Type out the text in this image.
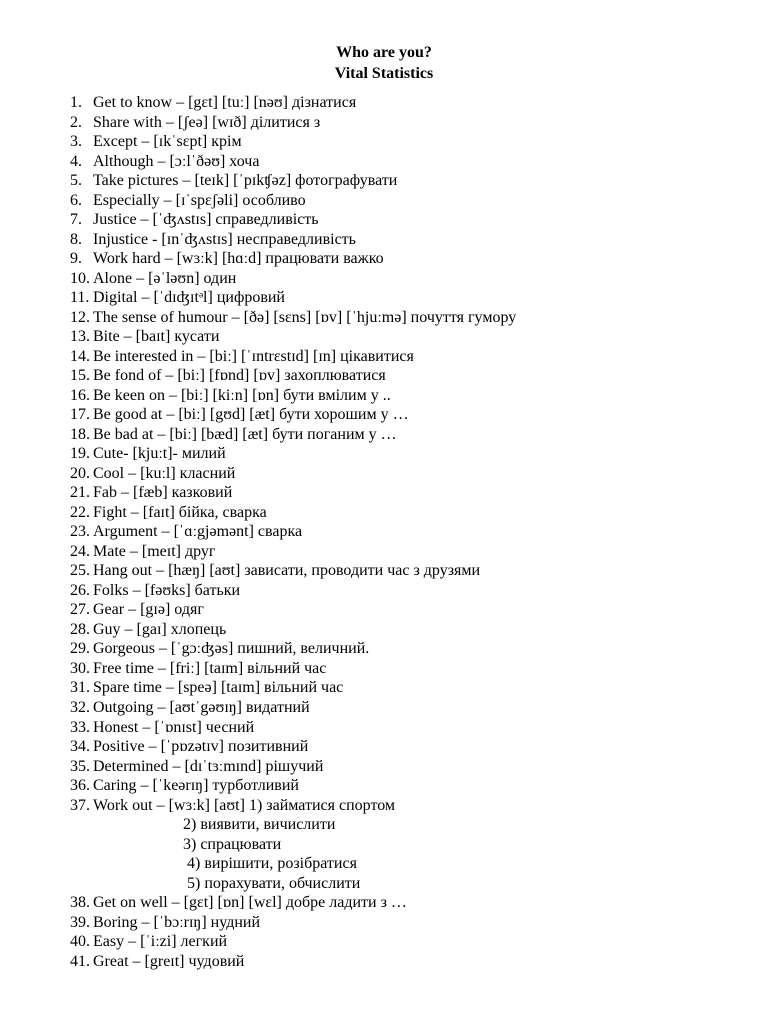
Who are you?
Vital Statistics
1. Get to know – [gɛt] [tuː] [nəʊ] дізнатися
2. Share with – [ʃeə] [wɪð] ділитися з
3. Except – [ɪkˈsɛpt] крім
4. Although – [ɔːlˈðəʊ] хоча
5. Take pictures – [teɪk] [ˈpɪkʧəz] фотографувати
6. Especially – [ɪˈspɛʃəli] особливо
7. Justice – [ˈʤʌstɪs] справедливість
8. Injustice - [ɪnˈʤʌstɪs] несправедливість
9. Work hard – [wɜːk] [hɑːd] працювати важко
10. Alone – [əˈləʊn] один
11. Digital – [ˈdɪʤɪtᵊl] цифровий
12. The sense of humour – [ðə] [sɛns] [ɒv] [ˈhjuːmə] почуття гумору
13. Bite – [baɪt] кусати
14. Be interested in – [biː] [ˈɪntrɛstɪd] [ɪn] цікавитися
15. Be fond of – [biː] [fɒnd] [ɒv] захоплюватися
16. Be keen on – [biː] [kiːn] [ɒn] бути вмілим у ..
17. Be good at – [biː] [gʊd] [æt] бути хорошим у …
18. Be bad at – [biː] [bæd] [æt] бути поганим у …
19. Cute- [kjuːt]- милий
20. Cool – [kuːl] класний
21. Fab – [fæb] казковий
22. Fight – [faɪt] бійка, сварка
23. Argument – [ˈɑːgjəmənt] сварка
24. Mate – [meɪt] друг
25. Hang out – [hæŋ] [aʊt] зависати, проводити час з друзями
26. Folks – [fəʊks] батьки
27. Gear – [gɪə] одяг
28. Guy – [gaɪ] хлопець
29. Gorgeous – [ˈgɔːʤəs] пишний, величний.
30. Free time – [friː] [taɪm] вільний час
31. Spare time – [speə] [taɪm] вільний час
32. Outgoing – [aʊtˈgəʊɪŋ] видатний
33. Honest – [ˈɒnɪst] чесний
34. Positive – [ˈpɒzətɪv] позитивний
35. Determined – [dɪˈtɜːmɪnd] рішучий
36. Caring – [ˈkeərɪŋ] турботливий
37. Work out – [wɜːk] [aʊt] 1) займатися спортом
2) виявити, вичислити
3) спрацювати
4) вирішити, розібратися
5) порахувати, обчислити
38. Get on well – [gɛt] [ɒn] [wɛl] добре ладити з …
39. Boring – [ˈbɔːrɪŋ] нудний
40. Easy – [ˈiːzi] легкий
41. Great – [greɪt] чудовий
